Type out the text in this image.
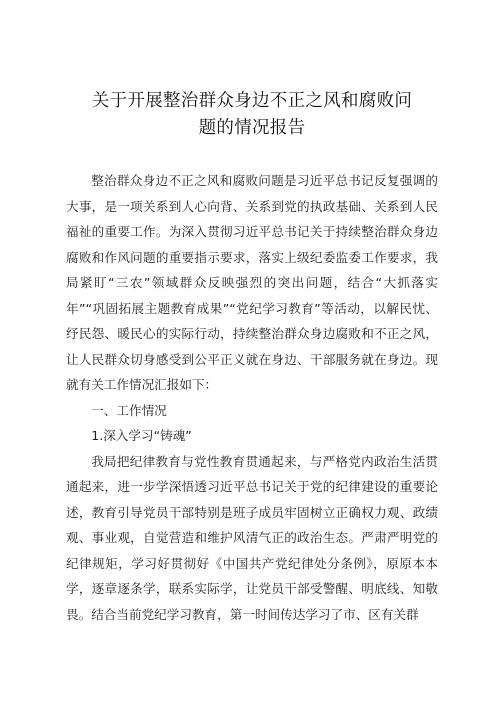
关于开展整治群众身边不正之风和腐败问
题的情况报告

整治群众身边不正之风和腐败问题是习近平总书记反复强调的大事，是一项关系到人心向背、关系到党的执政基础、关系到人民福祉的重要工作。为深入贯彻习近平总书记关于持续整治群众身边腐败和作风问题的重要指示要求，落实上级纪委监委工作要求，我局紧盯“三农”领域群众反映强烈的突出问题，结合“大抓落实年”“巩固拓展主题教育成果”“党纪学习教育”等活动，以解民忧、纾民怨、暖民心的实际行动，持续整治群众身边腐败和不正之风，让人民群众切身感受到公平正义就在身边、干部服务就在身边。现就有关工作情况汇报如下：

一、工作情况

1.深入学习“铸魂”

我局把纪律教育与党性教育贯通起来，与严格党内政治生活贯通起来，进一步学深悟透习近平总书记关于党的纪律建设的重要论述，教育引导党员干部特别是班子成员牢固树立正确权力观、政绩观、事业观，自觉营造和维护风清气正的政治生态。严肃严明党的纪律规矩，学习好贯彻好《中国共产党纪律处分条例》，原原本本学，逐章逐条学，联系实际学，让党员干部受警醒、明底线、知敬畏。结合当前党纪学习教育，第一时间传达学习了市、区有关群
